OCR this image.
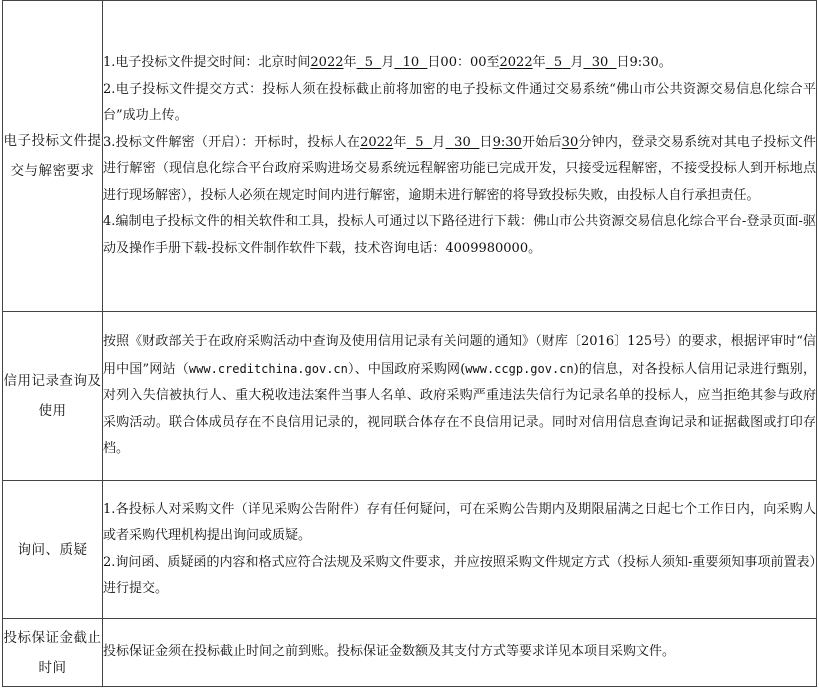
电子投标文件提交与解密要求	1.电子投标文件提交时间：北京时间2022年 5 月 10 日00：00至2022年 5 月 30 日9:30。

2.电子投标文件提交方式：投标人须在投标截止前将加密的电子投标文件通过交易系统“佛山市公共资源交易信息化综合平台”成功上传。

3.投标文件解密（开启）：开标时，投标人在2022年 5 月 30 日9:30开始后30分钟内，登录交易系统对其电子投标文件进行解密（现信息化综合平台政府采购进场交易系统远程解密功能已完成开发，只接受远程解密，不接受投标人到开标地点进行现场解密），投标人必须在规定时间内进行解密，逾期未进行解密的将导致投标失败，由投标人自行承担责任。

4.编制电子投标文件的相关软件和工具，投标人可通过以下路径进行下载：佛山市公共资源交易信息化综合平台-登录页面-驱动及操作手册下载-投标文件制作软件下载，技术咨询电话：4009980000。

信用记录查询及使用	按照《财政部关于在政府采购活动中查询及使用信用记录有关问题的通知》（财库〔2016〕125号）的要求，根据评审时“信用中国”网站（www.creditchina.gov.cn）、中国政府采购网(www.ccgp.gov.cn)的信息，对各投标人信用记录进行甄别，对列入失信被执行人、重大税收违法案件当事人名单、政府采购严重违法失信行为记录名单的投标人，应当拒绝其参与政府采购活动。联合体成员存在不良信用记录的，视同联合体存在不良信用记录。同时对信用信息查询记录和证据截图或打印存档。

询问、质疑	1.各投标人对采购文件（详见采购公告附件）存有任何疑问，可在采购公告期内及期限届满之日起七个工作日内，向采购人或者采购代理机构提出询问或质疑。

2.询问函、质疑函的内容和格式应符合法规及采购文件要求，并应按照采购文件规定方式（投标人须知-重要须知事项前置表）进行提交。

投标保证金截止时间	投标保证金须在投标截止时间之前到账。投标保证金数额及其支付方式等要求详见本项目采购文件。
